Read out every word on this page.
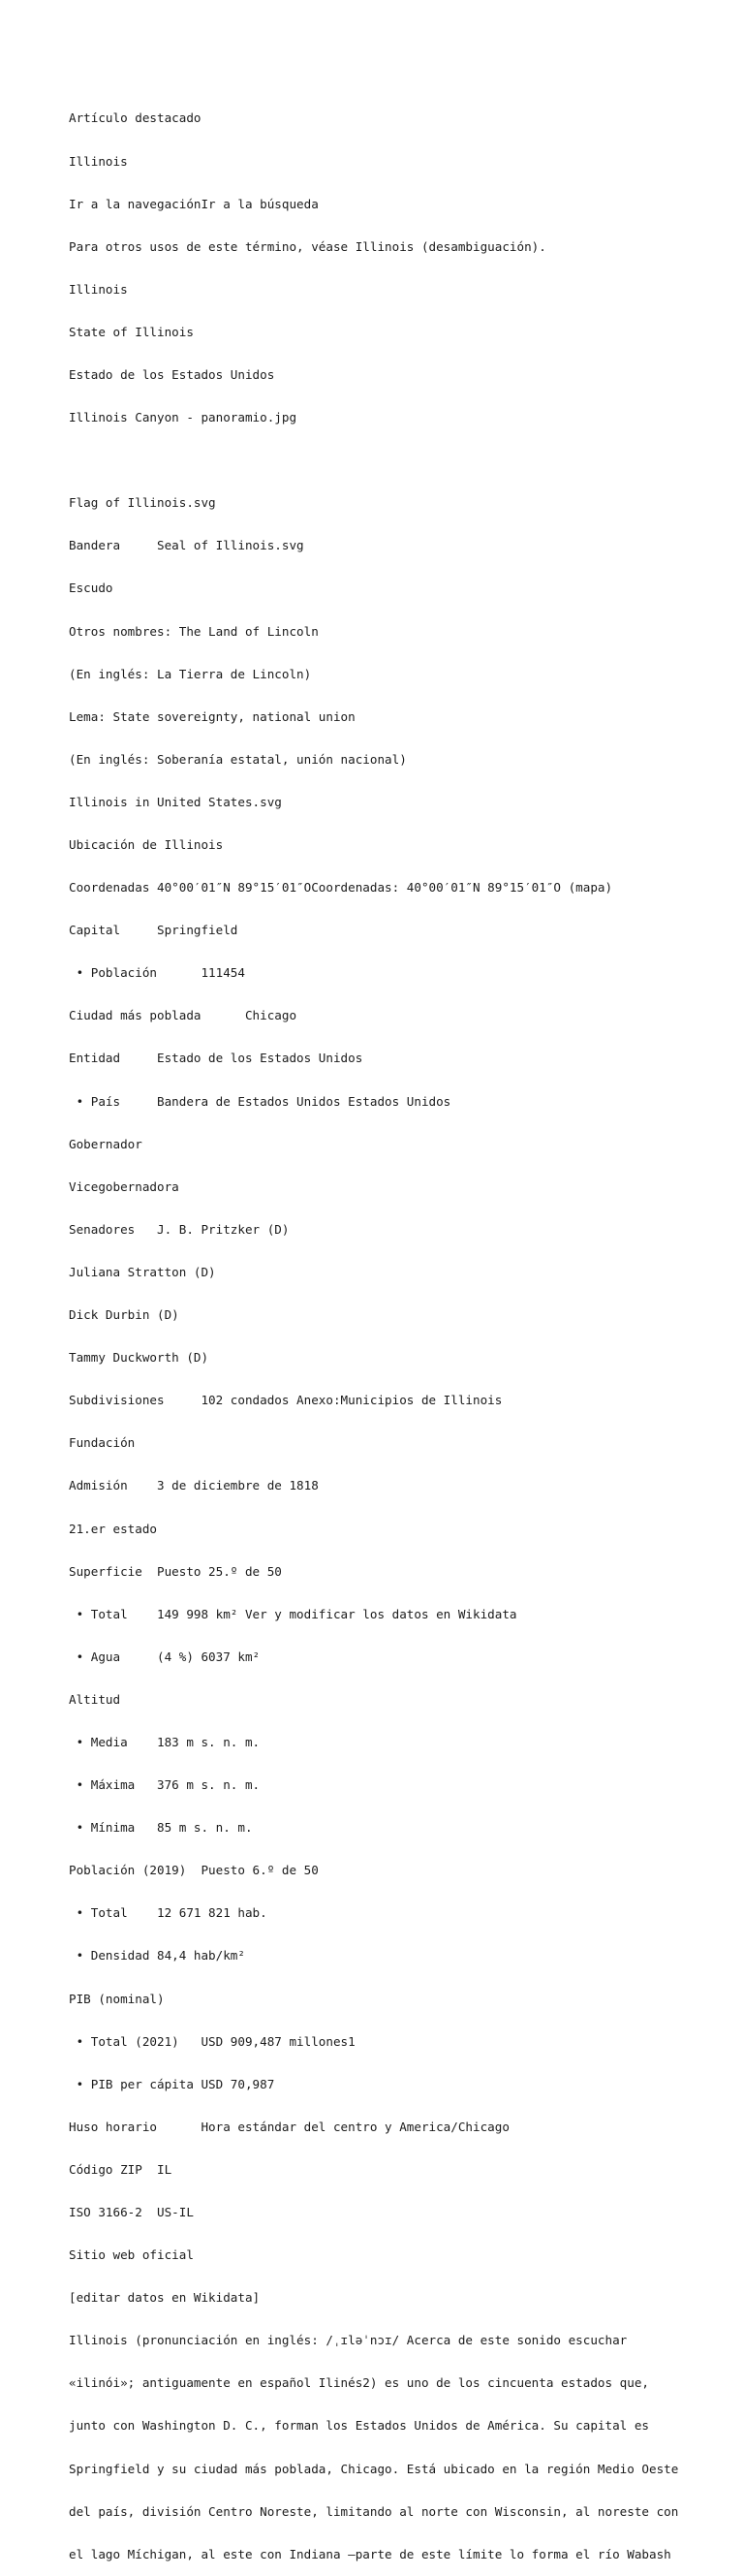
Artículo destacado

Illinois

Ir a la navegaciónIr a la búsqueda

Para otros usos de este término, véase Illinois (desambiguación).

Illinois

State of Illinois

Estado de los Estados Unidos

Illinois Canyon - panoramio.jpg

Flag of Illinois.svg

Bandera     Seal of Illinois.svg

Escudo

Otros nombres: The Land of Lincoln

(En inglés: La Tierra de Lincoln)

Lema: State sovereignty, national union

(En inglés: Soberanía estatal, unión nacional)

Illinois in United States.svg

Ubicación de Illinois

Coordenadas 40°00′01″N 89°15′01″OCoordenadas: 40°00′01″N 89°15′01″O (mapa)

Capital     Springfield

• Población      111454

Ciudad más poblada      Chicago

Entidad     Estado de los Estados Unidos

• País     Bandera de Estados Unidos Estados Unidos

Gobernador

Vicegobernadora

Senadores   J. B. Pritzker (D)

Juliana Stratton (D)

Dick Durbin (D)

Tammy Duckworth (D)

Subdivisiones     102 condados Anexo:Municipios de Illinois

Fundación

Admisión    3 de diciembre de 1818

21.er estado

Superficie  Puesto 25.º de 50

• Total    149 998 km² Ver y modificar los datos en Wikidata

• Agua     (4 %) 6037 km²

Altitud

• Media    183 m s. n. m.

• Máxima   376 m s. n. m.

• Mínima   85 m s. n. m.

Población (2019)  Puesto 6.º de 50

• Total    12 671 821 hab.

• Densidad 84,4 hab/km²

PIB (nominal)

• Total (2021)   USD 909,487 millones1

• PIB per cápita USD 70,987

Huso horario      Hora estándar del centro y America/Chicago

Código ZIP  IL

ISO 3166-2  US-IL

Sitio web oficial

[editar datos en Wikidata]

Illinois (pronunciación en inglés: /ˌɪləˈnɔɪ/ Acerca de este sonido escuchar

«ilinói»; antiguamente en español Ilinés2) es uno de los cincuenta estados que,

junto con Washington D. C., forman los Estados Unidos de América. Su capital es

Springfield y su ciudad más poblada, Chicago. Está ubicado en la región Medio Oeste

del país, división Centro Noreste, limitando al norte con Wisconsin, al noreste con

el lago Míchigan, al este con Indiana —parte de este límite lo forma el río Wabash
